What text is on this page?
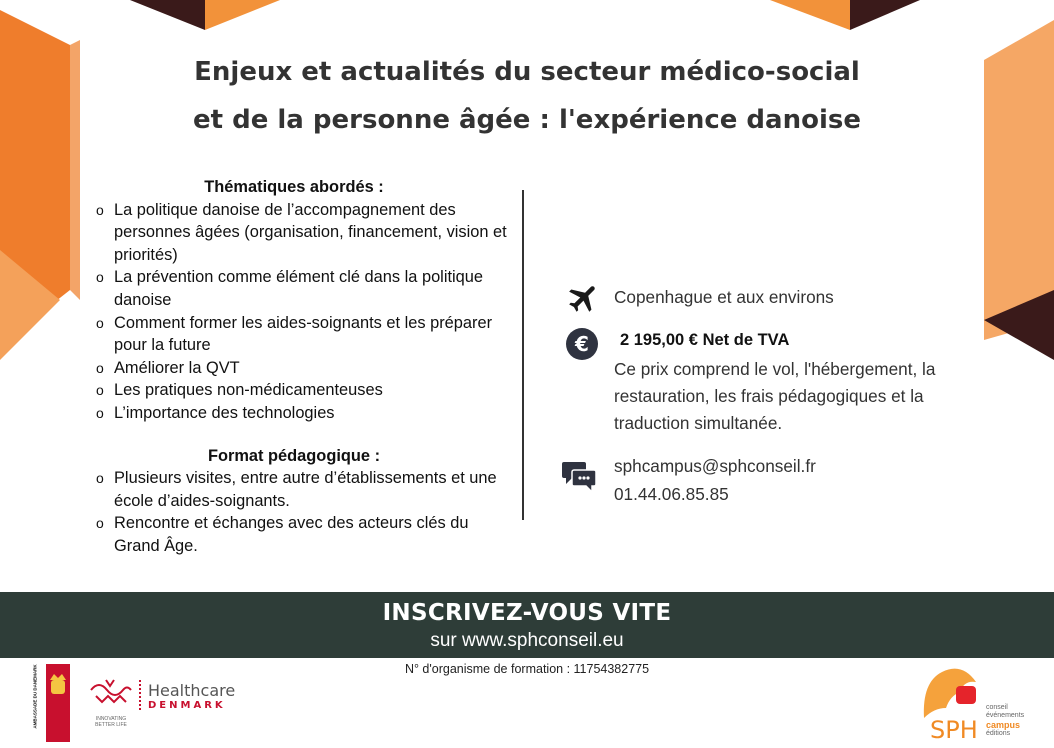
Enjeux et actualités du secteur médico-social
et de la personne âgée : l'expérience danoise
Thématiques abordés :
o La politique danoise de l’accompagnement des personnes âgées (organisation, financement, vision et priorités)
o La prévention comme élément clé dans la politique danoise
o Comment former les aides-soignants et les préparer pour la future
o Améliorer la QVT
o Les pratiques non-médicamenteuses
o L’importance des technologies
Format pédagogique :
o Plusieurs visites, entre autre d’établissements et une école d’aides-soignants.
o Rencontre et échanges avec des acteurs clés du Grand Âge.
Copenhague et aux environs
€ 2 195,00 € Net de TVA
Ce prix comprend le vol, l'hébergement, la restauration, les frais pédagogiques et la traduction simultanée.
sphcampus@sphconseil.fr
01.44.06.85.85
INSCRIVEZ-VOUS VITE
sur www.sphconseil.eu
N° d'organisme de formation : 11754382775
AMBASSADE DU DANEMARK	INNOVATING BETTER LIFE
Healthcare
DENMARK
SPH
conseil
événements
campus
éditions
